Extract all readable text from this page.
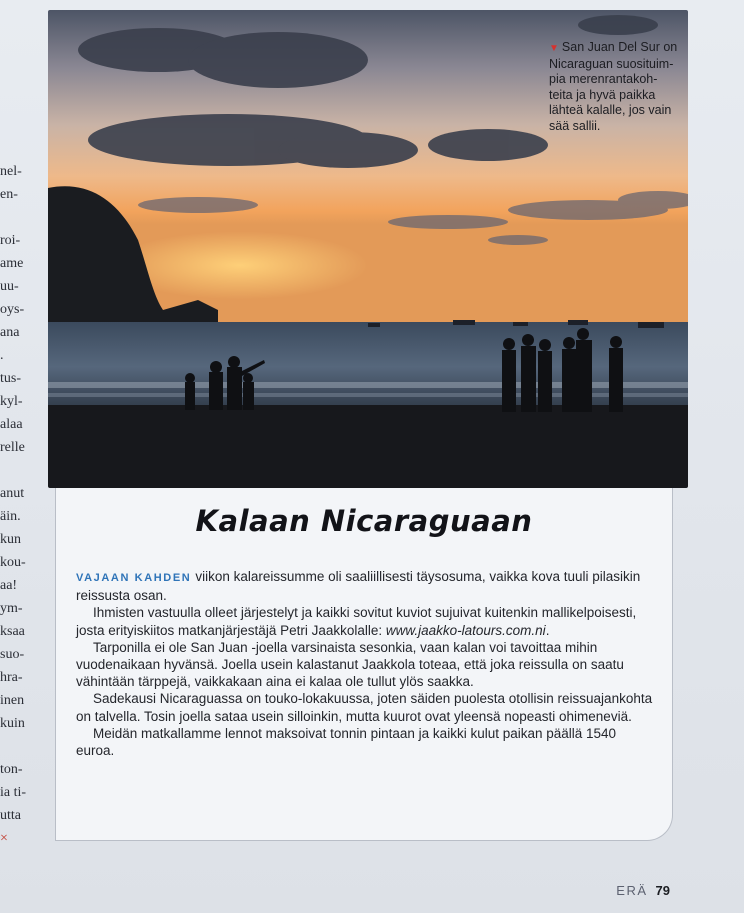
nel-
en-
roi-
ame
uu-
oys-
ana
.
tus-
kyl-
alaa
relle
anut
äin.
kun
kou-
aa!
ym-
ksaa
suo-
hra-
inen
kuin
ton-
ia ti-
utta
×
▼ San Juan Del Sur on
Nicaraguan suosituim-
pia merenrantakoh-
teita ja hyvä paikka
lähteä kalalle, jos vain
sää sallii.
Kalaan Nicaraguaan

VAJAAN KAHDEN viikon kalareissumme oli saaliillisesti täysosuma, vaikka kova tuuli pilasikin reissusta osan.

Ihmisten vastuulla olleet järjestelyt ja kaikki sovitut kuviot sujuivat kuitenkin mallikelpoisesti, josta erityiskiitos matkanjärjestäjä Petri Jaakkolalle: www.jaakko-latours.com.ni.

Tarponilla ei ole San Juan -joella varsinaista sesonkia, vaan kalan voi tavoittaa mihin vuodenaikaan hyvänsä. Joella usein kalastanut Jaakkola toteaa, että joka reissulla on saatu vähintään tärppejä, vaikkakaan aina ei kalaa ole tullut ylös saakka.

Sadekausi Nicaraguassa on touko-lokakuussa, joten säiden puolesta otollisin reissuajankohta on talvella. Tosin joella sataa usein silloinkin, mutta kuurot ovat yleensä nopeasti ohimeneviä.

Meidän matkallamme lennot maksoivat tonnin pintaan ja kaikki kulut paikan päällä 1540 euroa.

ERÄ 79
